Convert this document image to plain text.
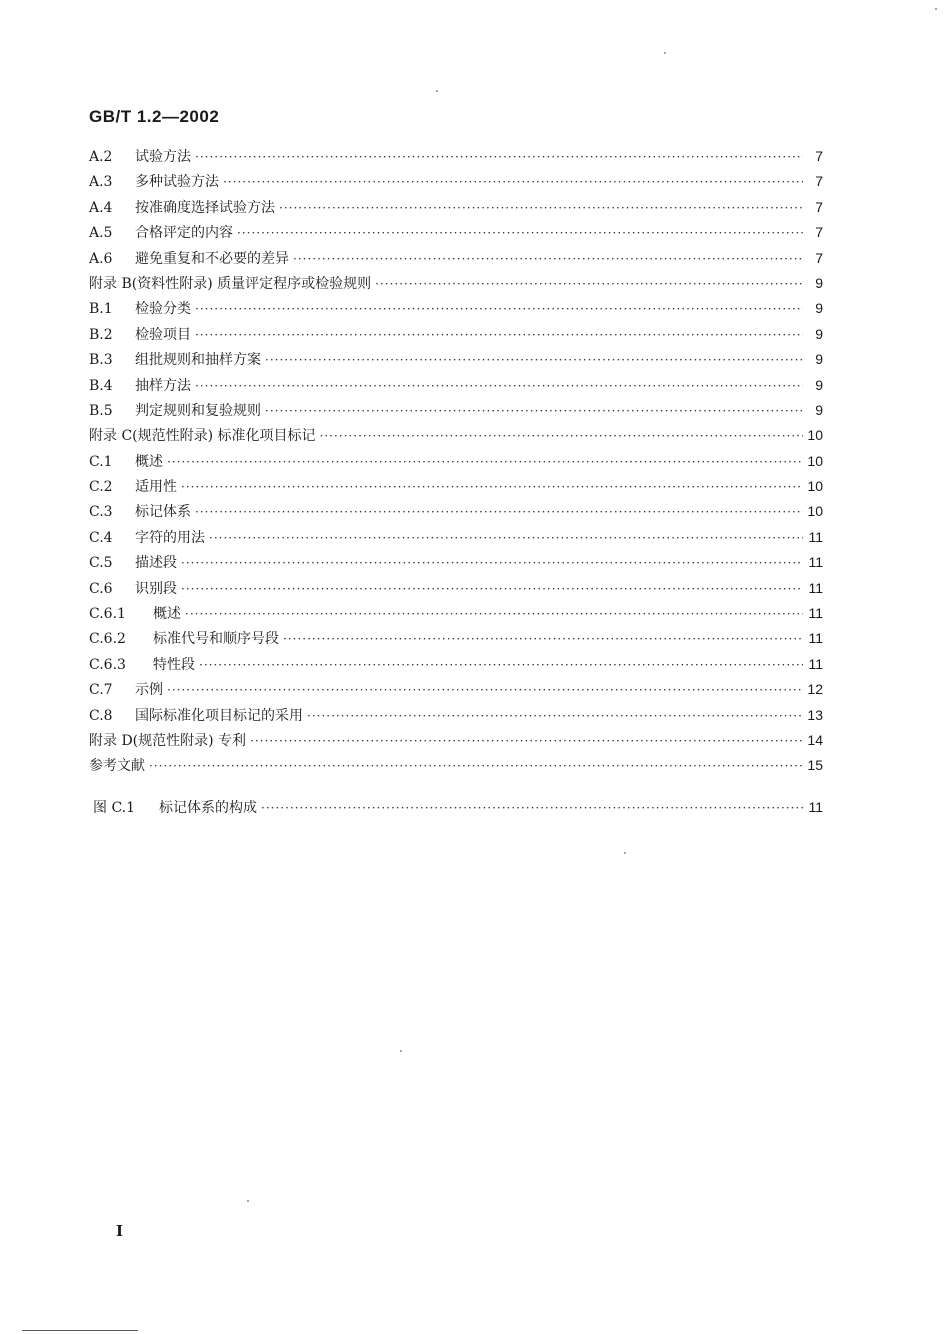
GB/T 1.2—2002
A.2	试验方法 ·····	7
A.3	多种试验方法 ·····	7
A.4	按准确度选择试验方法 ·····	7
A.5	合格评定的内容 ·····	7
A.6	避免重复和不必要的差异 ·····	7
附录 B(资料性附录) 质量评定程序或检验规则 ·····	9
B.1	检验分类 ·····	9
B.2	检验项目 ·····	9
B.3	组批规则和抽样方案 ·····	9
B.4	抽样方法 ·····	9
B.5	判定规则和复验规则 ·····	9
附录 C(规范性附录) 标准化项目标记 ·····	10
C.1	概述 ·····	10
C.2	适用性 ·····	10
C.3	标记体系 ·····	10
C.4	字符的用法 ·····	11
C.5	描述段 ·····	11
C.6	识别段 ·····	11
C.6.1	概述 ·····	11
C.6.2	标准代号和顺序号段 ·····	11
C.6.3	特性段 ·····	11
C.7	示例 ·····	12
C.8	国际标准化项目标记的采用 ·····	13
附录 D(规范性附录) 专利 ·····	14
参考文献 ·····	15
图 C.1	标记体系的构成 ·····	11
I
